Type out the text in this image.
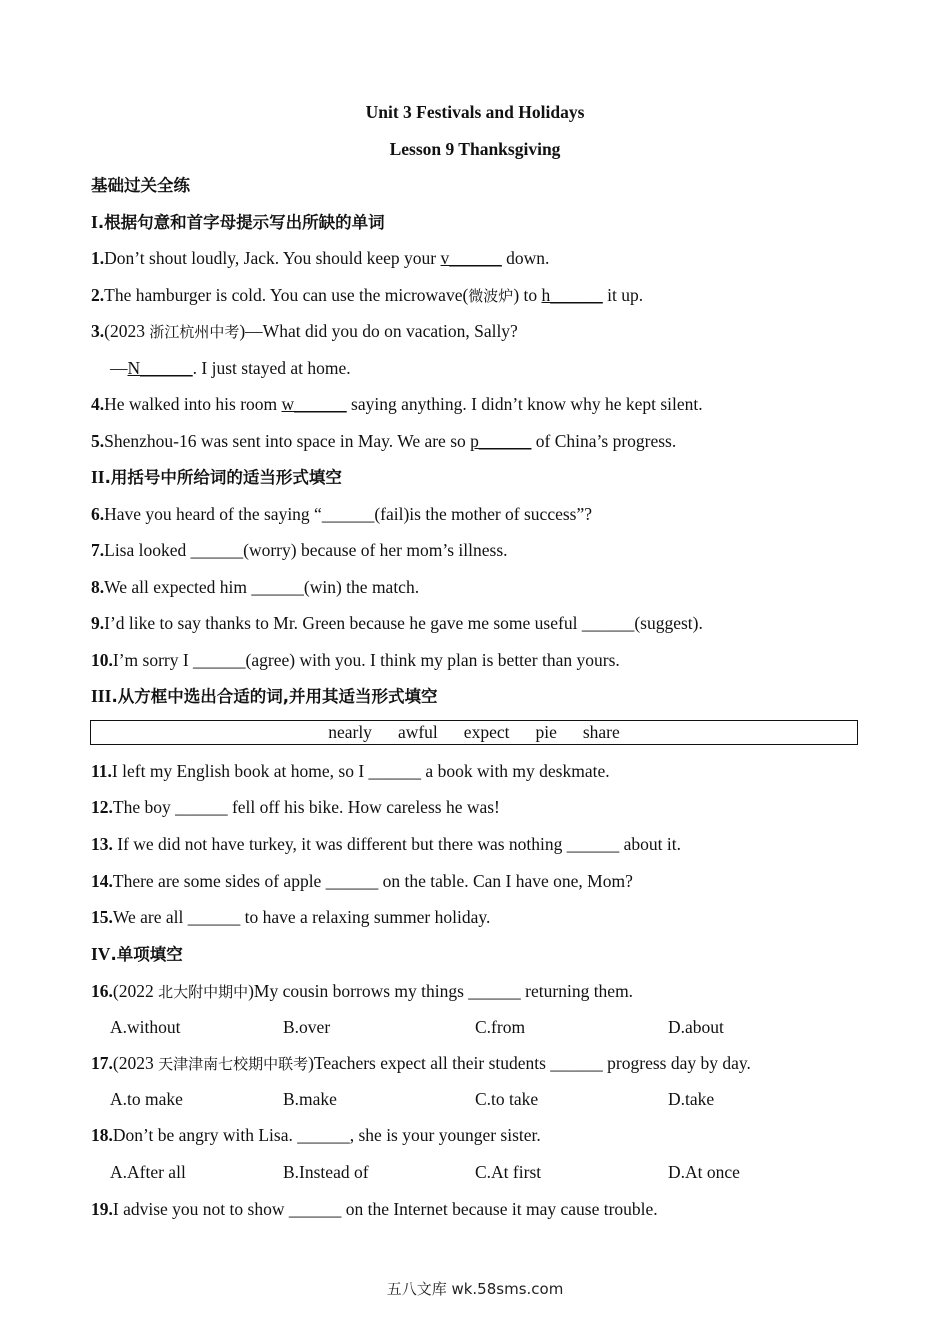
Unit 3 Festivals and Holidays
Lesson 9 Thanksgiving
基础过关全练
I.根据句意和首字母提示写出所缺的单词
1.Don’t shout loudly, Jack. You should keep your v______ down.
2.The hamburger is cold. You can use the microwave(微波炉) to h______ it up.
3.(2023 浙江杭州中考)—What did you do on vacation, Sally?
—N______. I just stayed at home.
4.He walked into his room w______ saying anything. I didn’t know why he kept silent.
5.Shenzhou-16 was sent into space in May. We are so p______ of China’s progress.
II.用括号中所给词的适当形式填空
6.Have you heard of the saying “______(fail)is the mother of success”?
7.Lisa looked ______(worry) because of her mom’s illness.
8.We all expected him ______(win) the match.
9.I’d like to say thanks to Mr. Green because he gave me some useful ______(suggest).
10.I’m sorry I ______(agree) with you. I think my plan is better than yours.
III.从方框中选出合适的词,并用其适当形式填空
nearly awful expect pie share
11.I left my English book at home, so I ______ a book with my deskmate.
12.The boy ______ fell off his bike. How careless he was!
13. If we did not have turkey, it was different but there was nothing ______ about it.
14.There are some sides of apple ______ on the table. Can I have one, Mom?
15.We are all ______ to have a relaxing summer holiday.
IV.单项填空
16.(2022 北大附中期中)My cousin borrows my things ______ returning them.
A.without	B.over	C.from	D.about
17.(2023 天津津南七校期中联考)Teachers expect all their students ______ progress day by day.
A.to make	B.make	C.to take	D.take
18.Don’t be angry with Lisa. ______, she is your younger sister.
A.After all	B.Instead of	C.At first	D.At once
19.I advise you not to show ______ on the Internet because it may cause trouble.
五八文库 wk.58sms.com
